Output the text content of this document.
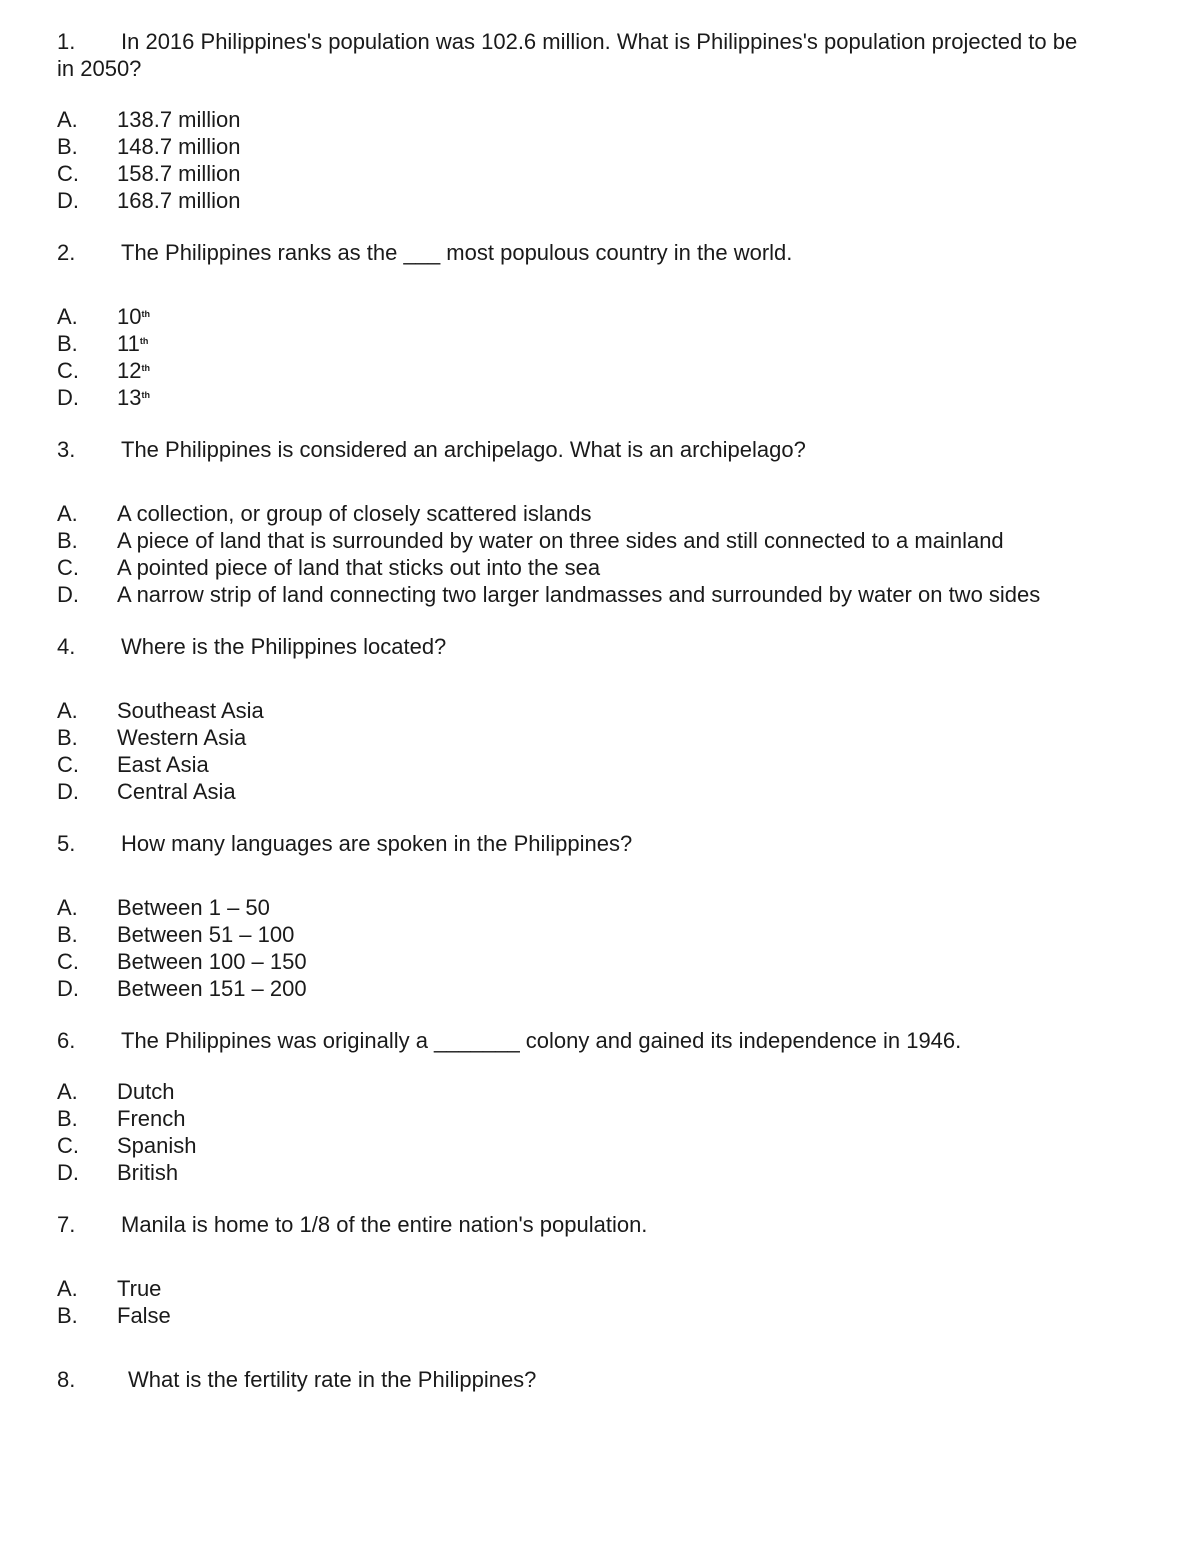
1.	In 2016 Philippines's population was 102.6 million. What is Philippines's population projected to be
in 2050?
A.	138.7 million
B.	148.7 million
C.	158.7 million
D.	168.7 million
2.	The Philippines ranks as the ___ most populous country in the world.
A.	10th
B.	11th
C.	12th
D.	13th
3.	The Philippines is considered an archipelago. What is an archipelago?
A.	A collection, or group of closely scattered islands
B.	A piece of land that is surrounded by water on three sides and still connected to a mainland
C.	A pointed piece of land that sticks out into the sea
D.	A narrow strip of land connecting two larger landmasses and surrounded by water on two sides
4.	Where is the Philippines located?
A.	Southeast Asia
B.	Western Asia
C.	East Asia
D.	Central Asia
5.	How many languages are spoken in the Philippines?
A.	Between 1 – 50
B.	Between 51 – 100
C.	Between 100 – 150
D.	Between 151 – 200
6.	The Philippines was originally a _______ colony and gained its independence in 1946.
A.	Dutch
B.	French
C.	Spanish
D.	British
7.	Manila is home to 1/8 of the entire nation's population.
A.	True
B.	False
8.	What is the fertility rate in the Philippines?
